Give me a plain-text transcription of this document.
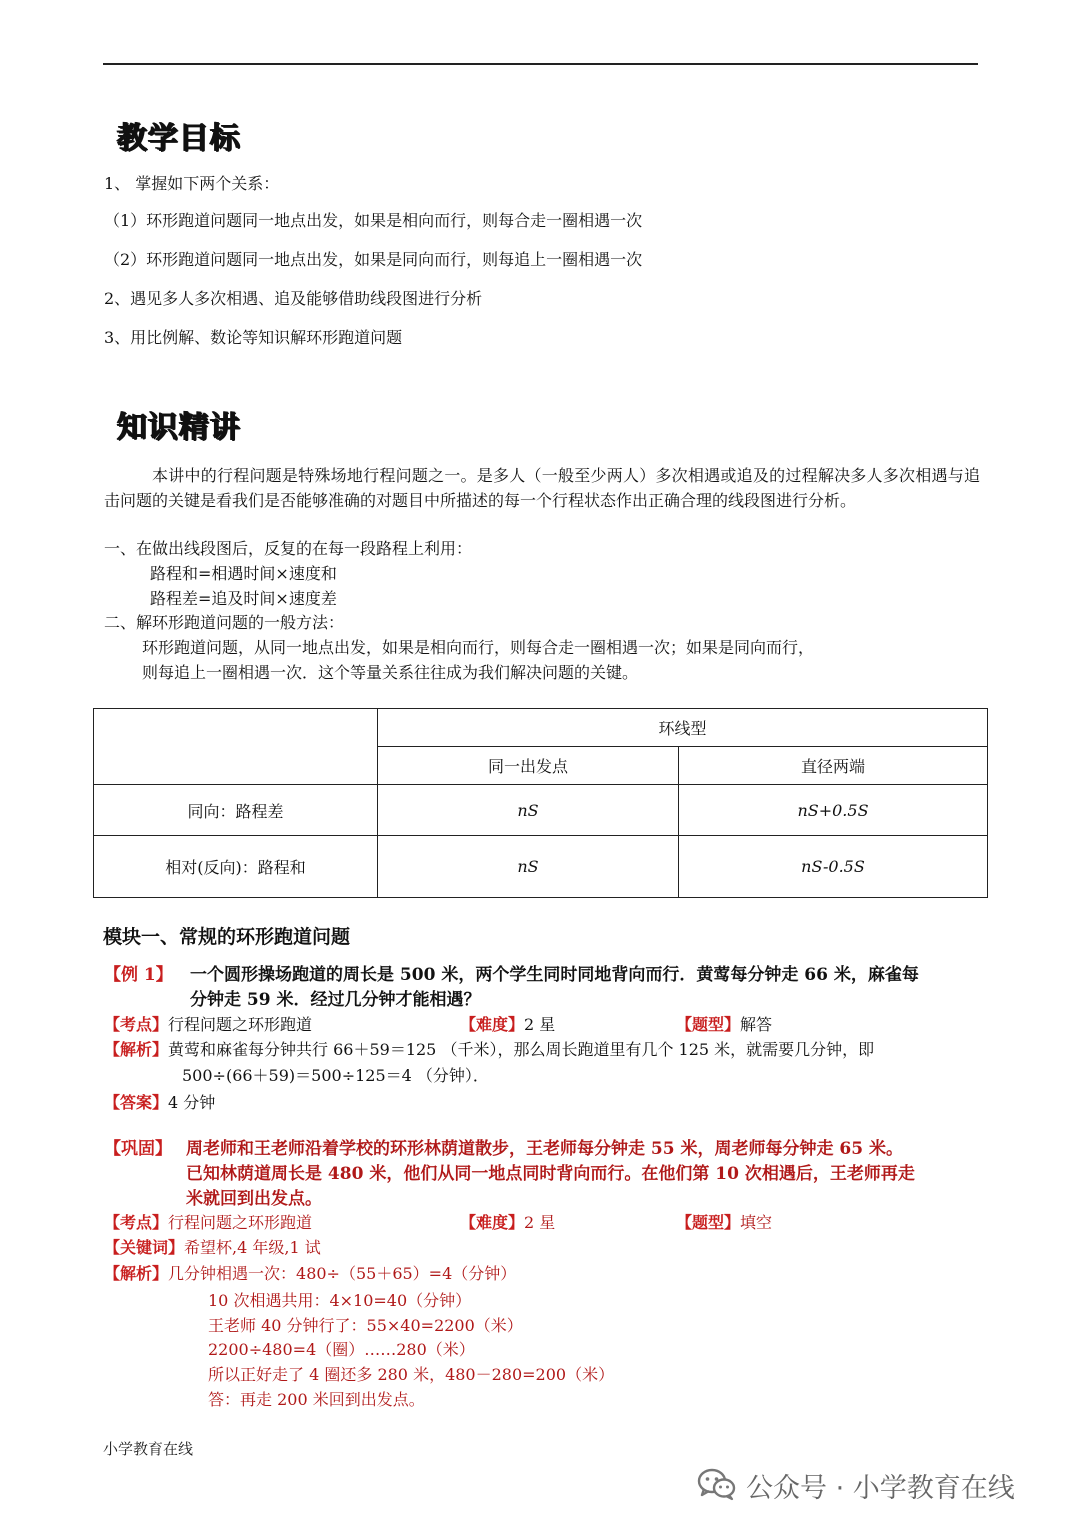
教学目标
1、 掌握如下两个关系：
（1）环形跑道问题同一地点出发，如果是相向而行，则每合走一圈相遇一次
（2）环形跑道问题同一地点出发，如果是同向而行，则每追上一圈相遇一次
2、遇见多人多次相遇、追及能够借助线段图进行分析
3、用比例解、数论等知识解环形跑道问题
知识精讲
本讲中的行程问题是特殊场地行程问题之一。是多人（一般至少两人）多次相遇或追及的过程解决多人多次相遇与追击问题的关键是看我们是否能够准确的对题目中所描述的每一个行程状态作出正确合理的线段图进行分析。
一、在做出线段图后，反复的在每一段路程上利用：
路程和=相遇时间×速度和
路程差=追及时间×速度差
二、解环形跑道问题的一般方法：
环形跑道问题，从同一地点出发，如果是相向而行，则每合走一圈相遇一次；如果是同向而行，
则每追上一圈相遇一次．这个等量关系往往成为我们解决问题的关键。
	环线型	
	同一出发点	直径两端
同向：路程差	nS	nS+0.5S
相对(反向)：路程和	nS	nS-0.5S
模块一、常规的环形跑道问题
【例 1】 一个圆形操场跑道的周长是 500 米，两个学生同时同地背向而行．黄莺每分钟走 66 米，麻雀每
分钟走 59 米．经过几分钟才能相遇？
【考点】行程问题之环形跑道	【难度】2 星	【题型】解答
【解析】黄莺和麻雀每分钟共行 66＋59＝125 （千米），那么周长跑道里有几个 125 米，就需要几分钟，即
500÷(66＋59)＝500÷125＝4 （分钟）．
【答案】4 分钟
【巩固】 周老师和王老师沿着学校的环形林荫道散步，王老师每分钟走 55 米，周老师每分钟走 65 米。
已知林荫道周长是 480 米，他们从同一地点同时背向而行。在他们第 10 次相遇后，王老师再走
米就回到出发点。
【考点】行程问题之环形跑道	【难度】2 星	【题型】填空
【关键词】希望杯,4 年级,1 试
【解析】几分钟相遇一次：480÷（55＋65）=4（分钟）
10 次相遇共用：4×10=40（分钟）
王老师 40 分钟行了：55×40=2200（米）
2200÷480=4（圈）……280（米）
所以正好走了 4 圈还多 280 米，480－280=200（米）
答：再走 200 米回到出发点。
小学教育在线
公众号 · 小学教育在线
